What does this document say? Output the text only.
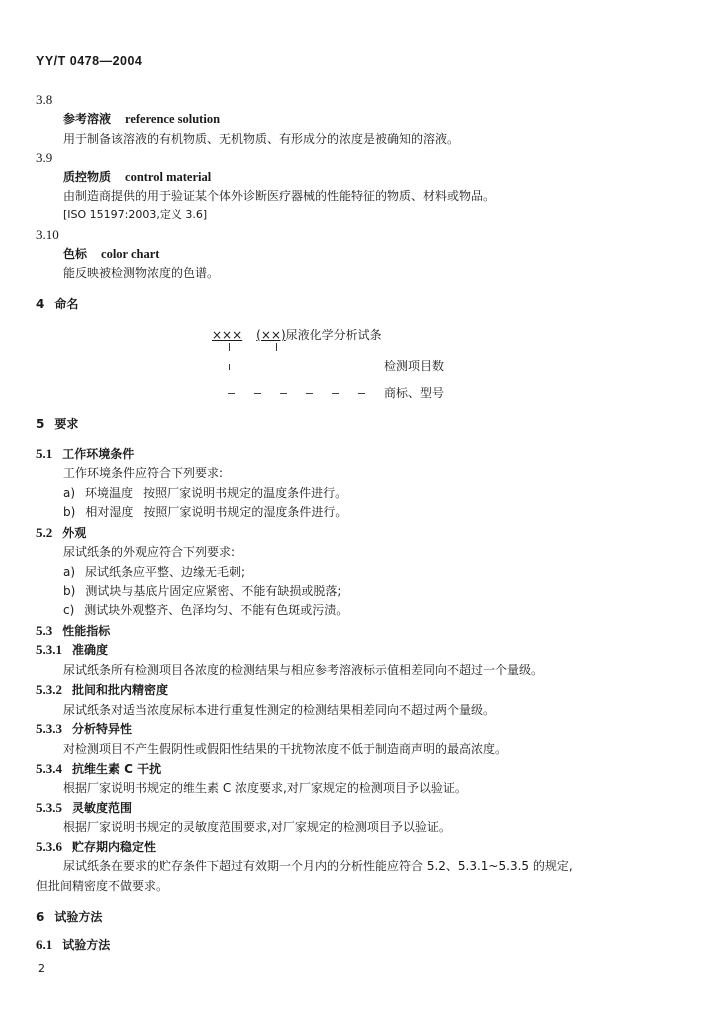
YY/T 0478—2004
3.8
参考溶液 reference solution
用于制备该溶液的有机物质、无机物质、有形成分的浓度是被确知的溶液。
3.9
质控物质 control material
由制造商提供的用于验证某个体外诊断医疗器械的性能特征的物质、材料或物品。
[ISO 15197:2003,定义 3.6]
3.10
色标 color chart
能反映被检测物浓度的色谱。
4 命名
××× (××)尿液化学分析试条
检测项目数
商标、型号
5 要求
5.1 工作环境条件
工作环境条件应符合下列要求:
a) 环境温度 按照厂家说明书规定的温度条件进行。
b) 相对湿度 按照厂家说明书规定的湿度条件进行。
5.2 外观
尿试纸条的外观应符合下列要求:
a) 尿试纸条应平整、边缘无毛刺;
b) 测试块与基底片固定应紧密、不能有缺损或脱落;
c) 测试块外观整齐、色泽均匀、不能有色斑或污渍。
5.3 性能指标
5.3.1 准确度
尿试纸条所有检测项目各浓度的检测结果与相应参考溶液标示值相差同向不超过一个量级。
5.3.2 批间和批内精密度
尿试纸条对适当浓度尿标本进行重复性测定的检测结果相差同向不超过两个量级。
5.3.3 分析特异性
对检测项目不产生假阴性或假阳性结果的干扰物浓度不低于制造商声明的最高浓度。
5.3.4 抗维生素 C 干扰
根据厂家说明书规定的维生素 C 浓度要求,对厂家规定的检测项目予以验证。
5.3.5 灵敏度范围
根据厂家说明书规定的灵敏度范围要求,对厂家规定的检测项目予以验证。
5.3.6 贮存期内稳定性
尿试纸条在要求的贮存条件下超过有效期一个月内的分析性能应符合 5.2、5.3.1~5.3.5 的规定,
但批间精密度不做要求。
6 试验方法
6.1 试验方法
2
